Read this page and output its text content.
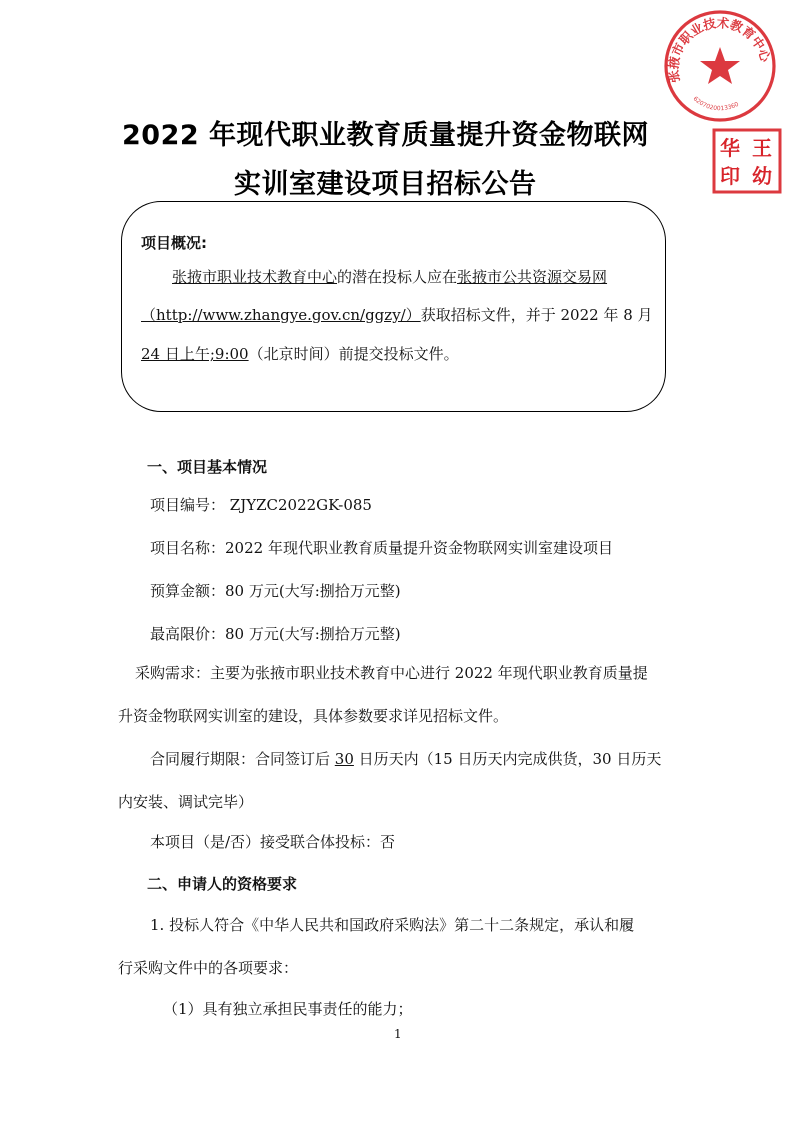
张掖市职业技术教育中心
6207020013360
华 王
印 幼
2022 年现代职业教育质量提升资金物联网
实训室建设项目招标公告
项目概况:
张掖市职业技术教育中心的潜在投标人应在张掖市公共资源交易网
（http://www.zhangye.gov.cn/ggzy/）获取招标文件，并于 2022 年 8 月
24 日上午;9:00（北京时间）前提交投标文件。
一、项目基本情况
项目编号： ZJYZC2022GK-085
项目名称：2022 年现代职业教育质量提升资金物联网实训室建设项目
预算金额：80 万元(大写:捌拾万元整)
最高限价：80 万元(大写:捌拾万元整)
采购需求：主要为张掖市职业技术教育中心进行 2022 年现代职业教育质量提
升资金物联网实训室的建设，具体参数要求详见招标文件。
合同履行期限：合同签订后 30 日历天内（15 日历天内完成供货，30 日历天
内安装、调试完毕）
本项目（是/否）接受联合体投标：否
二、申请人的资格要求
1. 投标人符合《中华人民共和国政府采购法》第二十二条规定，承认和履
行采购文件中的各项要求：
（1）具有独立承担民事责任的能力；
1
